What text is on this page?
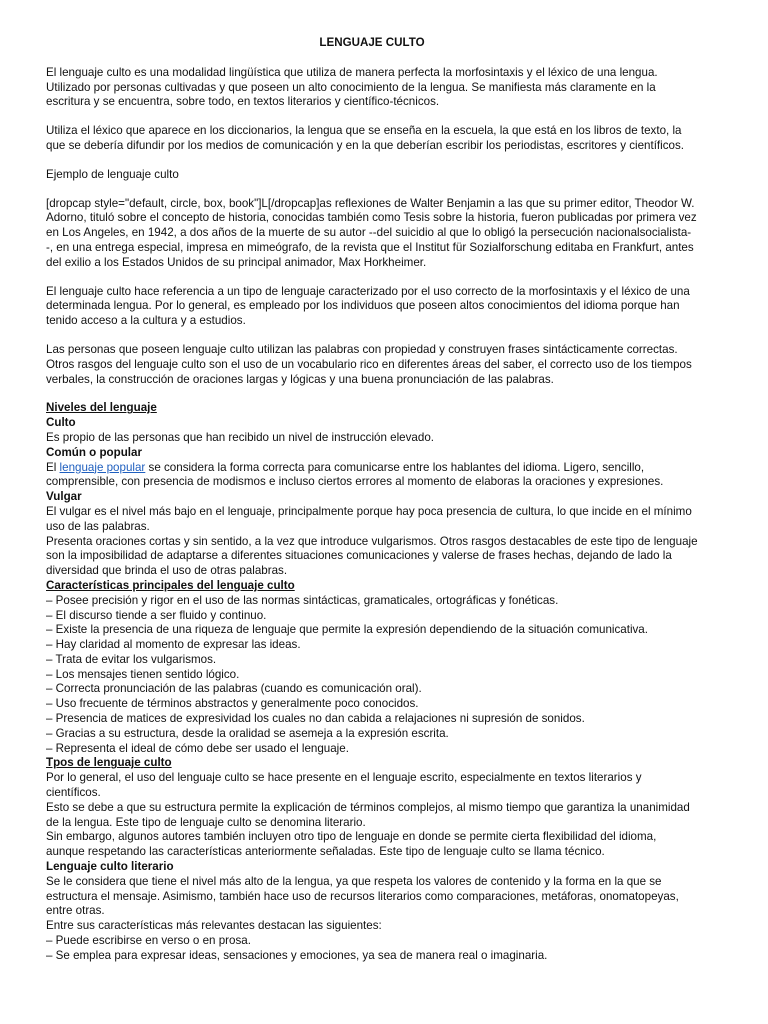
LENGUAJE CULTO

El lenguaje culto es una modalidad lingüística que utiliza de manera perfecta la morfosintaxis y el léxico de una lengua. Utilizado por personas cultivadas y que poseen un alto conocimiento de la lengua. Se manifiesta más claramente en la escritura y se encuentra, sobre todo, en textos literarios y científico-técnicos.

Utiliza el léxico que aparece en los diccionarios, la lengua que se enseña en la escuela, la que está en los libros de texto, la que se debería difundir por los medios de comunicación y en la que deberían escribir los periodistas, escritores y científicos.

Ejemplo de lenguaje culto

[dropcap style="default, circle, box, book"]L[/dropcap]as reflexiones de Walter Benjamin a las que su primer editor, Theodor W. Adorno, tituló sobre el concepto de historia, conocidas también como Tesis sobre la historia, fueron publicadas por primera vez en Los Angeles, en 1942, a dos años de la muerte de su autor --del suicidio al que lo obligó la persecución nacionalsocialista--, en una entrega especial, impresa en mimeógrafo, de la revista que el Institut für Sozialforschung editaba en Frankfurt, antes del exilio a los Estados Unidos de su principal animador, Max Horkheimer.

El lenguaje culto hace referencia a un tipo de lenguaje caracterizado por el uso correcto de la morfosintaxis y el léxico de una determinada lengua. Por lo general, es empleado por los individuos que poseen altos conocimientos del idioma porque han tenido acceso a la cultura y a estudios.

Las personas que poseen lenguaje culto utilizan las palabras con propiedad y construyen frases sintácticamente correctas. Otros rasgos del lenguaje culto son el uso de un vocabulario rico en diferentes áreas del saber, el correcto uso de los tiempos verbales, la construcción de oraciones largas y lógicas y una buena pronunciación de las palabras.

Niveles del lenguaje

Culto

Es propio de las personas que han recibido un nivel de instrucción elevado.

Común o popular

El lenguaje popular se considera la forma correcta para comunicarse entre los hablantes del idioma. Ligero, sencillo, comprensible, con presencia de modismos e incluso ciertos errores al momento de elaboras la oraciones y expresiones.

Vulgar

El vulgar es el nivel más bajo en el lenguaje, principalmente porque hay poca presencia de cultura, lo que incide en el mínimo uso de las palabras.

Presenta oraciones cortas y sin sentido, a la vez que introduce vulgarismos. Otros rasgos destacables de este tipo de lenguaje son la imposibilidad de adaptarse a diferentes situaciones comunicaciones y valerse de frases hechas, dejando de lado la diversidad que brinda el uso de otras palabras.

Características principales del lenguaje culto

– Posee precisión y rigor en el uso de las normas sintácticas, gramaticales, ortográficas y fonéticas.
– El discurso tiende a ser fluido y continuo.
– Existe la presencia de una riqueza de lenguaje que permite la expresión dependiendo de la situación comunicativa.
– Hay claridad al momento de expresar las ideas.
– Trata de evitar los vulgarismos.
– Los mensajes tienen sentido lógico.
– Correcta pronunciación de las palabras (cuando es comunicación oral).
– Uso frecuente de términos abstractos y generalmente poco conocidos.
– Presencia de matices de expresividad los cuales no dan cabida a relajaciones ni supresión de sonidos.
– Gracias a su estructura, desde la oralidad se asemeja a la expresión escrita.
– Representa el ideal de cómo debe ser usado el lenguaje.

Tpos de lenguaje culto

Por lo general, el uso del lenguaje culto se hace presente en el lenguaje escrito, especialmente en textos literarios y científicos.

Esto se debe a que su estructura permite la explicación de términos complejos, al mismo tiempo que garantiza la unanimidad de la lengua. Este tipo de lenguaje culto se denomina literario.

Sin embargo, algunos autores también incluyen otro tipo de lenguaje en donde se permite cierta flexibilidad del idioma, aunque respetando las características anteriormente señaladas. Este tipo de lenguaje culto se llama técnico.

Lenguaje culto literario

Se le considera que tiene el nivel más alto de la lengua, ya que respeta los valores de contenido y la forma en la que se estructura el mensaje. Asimismo, también hace uso de recursos literarios como comparaciones, metáforas, onomatopeyas, entre otras.

Entre sus características más relevantes destacan las siguientes:

– Puede escribirse en verso o en prosa.
– Se emplea para expresar ideas, sensaciones y emociones, ya sea de manera real o imaginaria.
